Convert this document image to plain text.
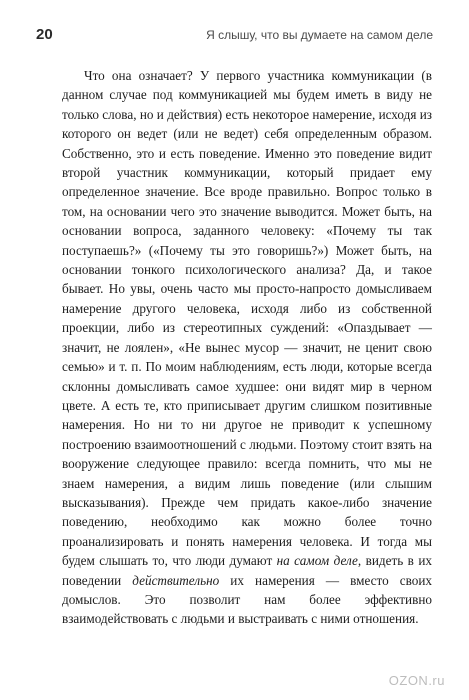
20	Я слышу, что вы думаете на самом деле

Что она означает? У первого участника коммуникации (в данном случае под коммуникацией мы будем иметь в виду не только слова, но и действия) есть некоторое намерение, исходя из которого он ведет (или не ведет) себя определенным образом. Собственно, это и есть поведение. Именно это поведение видит второй участник коммуникации, который придает ему определенное значение. Все вроде правильно. Вопрос только в том, на основании чего это значение выводится. Может быть, на основании вопроса, заданного человеку: «Почему ты так поступаешь?» («Почему ты это говоришь?») Может быть, на основании тонкого психологического анализа? Да, и такое бывает. Но увы, очень часто мы просто-напросто домысливаем намерение другого человека, исходя либо из собственной проекции, либо из стереотипных суждений: «Опаздывает — значит, не лоялен», «Не вынес мусор — значит, не ценит свою семью» и т. п. По моим наблюдениям, есть люди, которые всегда склонны домысливать самое худшее: они видят мир в черном цвете. А есть те, кто приписывает другим слишком позитивные намерения. Но ни то ни другое не приводит к успешному построению взаимоотношений с людьми. Поэтому стоит взять на вооружение следующее правило: всегда помнить, что мы не знаем намерения, а видим лишь поведение (или слышим высказывания). Прежде чем придать какое-либо значение поведению, необходимо как можно более точно проанализировать и понять намерения человека. И тогда мы будем слышать то, что люди думают на самом деле, видеть в их поведении действительно их намерения — вместо своих домыслов. Это позволит нам более эффективно взаимодействовать с людьми и выстраивать с ними отношения.

OZON.ru
